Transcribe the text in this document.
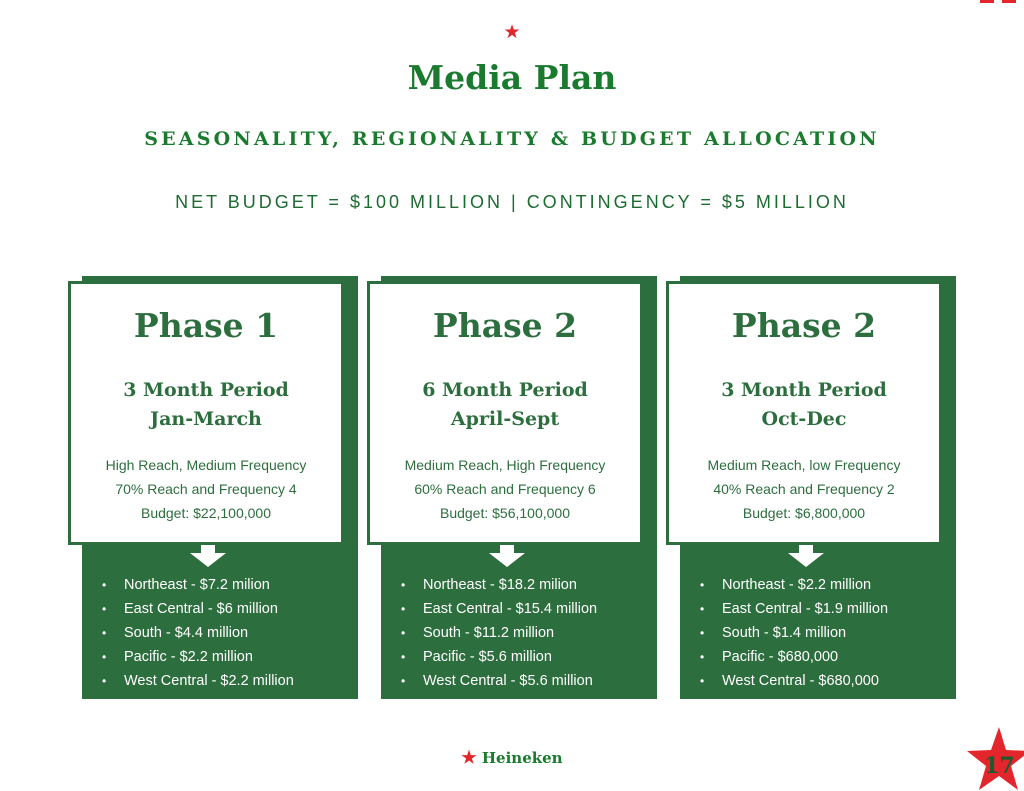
★
Media Plan
SEASONALITY, REGIONALITY & BUDGET ALLOCATION
NET BUDGET = $100 MILLION | CONTINGENCY = $5 MILLION
Phase 1
3 Month Period
Jan-March
High Reach, Medium Frequency
70% Reach and Frequency 4
Budget: $22,100,000
• Northeast - $7.2 milion
• East Central - $6 million
• South - $4.4 million
• Pacific - $2.2 million
• West Central - $2.2 million
Phase 2
6 Month Period
April-Sept
Medium Reach, High Frequency
60% Reach and Frequency 6
Budget: $56,100,000
• Northeast - $18.2 milion
• East Central - $15.4 million
• South - $11.2 million
• Pacific - $5.6 million
• West Central - $5.6 million
Phase 2
3 Month Period
Oct-Dec
Medium Reach, low Frequency
40% Reach and Frequency 2
Budget: $6,800,000
• Northeast - $2.2 million
• East Central - $1.9 million
• South - $1.4 million
• Pacific - $680,000
• West Central - $680,000
★ Heineken	17
